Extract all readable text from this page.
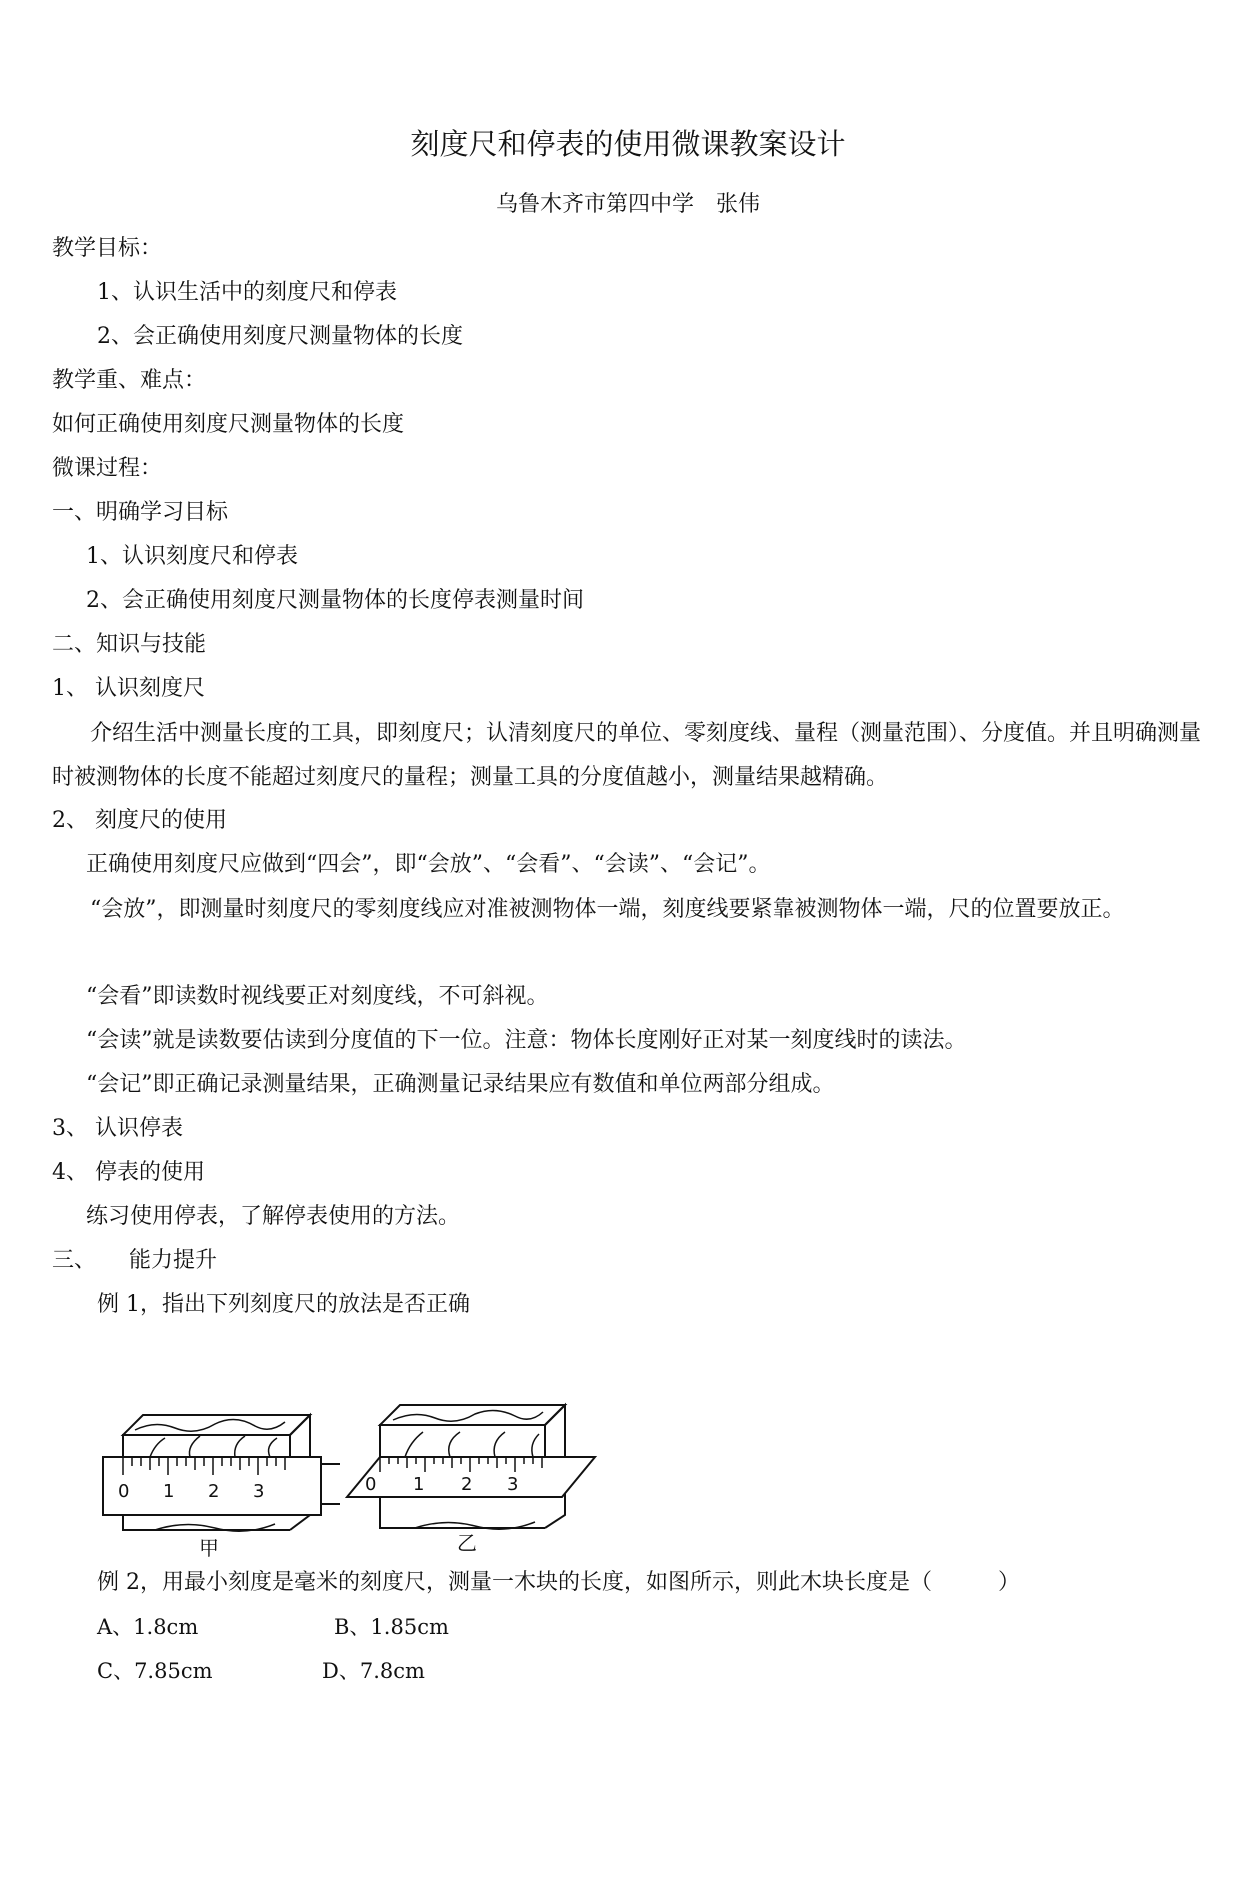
刻度尺和停表的使用微课教案设计
乌鲁木齐市第四中学　张伟
教学目标：
1、认识生活中的刻度尺和停表
2、会正确使用刻度尺测量物体的长度
教学重、难点：
如何正确使用刻度尺测量物体的长度
微课过程：
一、明确学习目标
1、认识刻度尺和停表
2、会正确使用刻度尺测量物体的长度停表测量时间
二、知识与技能
1、 认识刻度尺
介绍生活中测量长度的工具，即刻度尺；认清刻度尺的单位、零刻度线、量程（测量范围）、分度值。并且明确测量时被测物体的长度不能超过刻度尺的量程；测量工具的分度值越小，测量结果越精确。
2、 刻度尺的使用
正确使用刻度尺应做到“四会”，即“会放”、“会看”、“会读”、“会记”。
“会放”，即测量时刻度尺的零刻度线应对准被测物体一端，刻度线要紧靠被测物体一端，尺的位置要放正。
“会看”即读数时视线要正对刻度线，不可斜视。
“会读”就是读数要估读到分度值的下一位。注意：物体长度刚好正对某一刻度线时的读法。
“会记”即正确记录测量结果，正确测量记录结果应有数值和单位两部分组成。
3、 认识停表
4、 停表的使用
练习使用停表，了解停表使用的方法。
三、　　能力提升
例 1，指出下列刻度尺的放法是否正确
0 1 2 3
甲
0 1 2 3
乙
例 2，用最小刻度是毫米的刻度尺，测量一木块的长度，如图所示，则此木块长度是（　　　）
A、1.8cm	B、1.85cm
C、7.85cm	D、7.8cm
